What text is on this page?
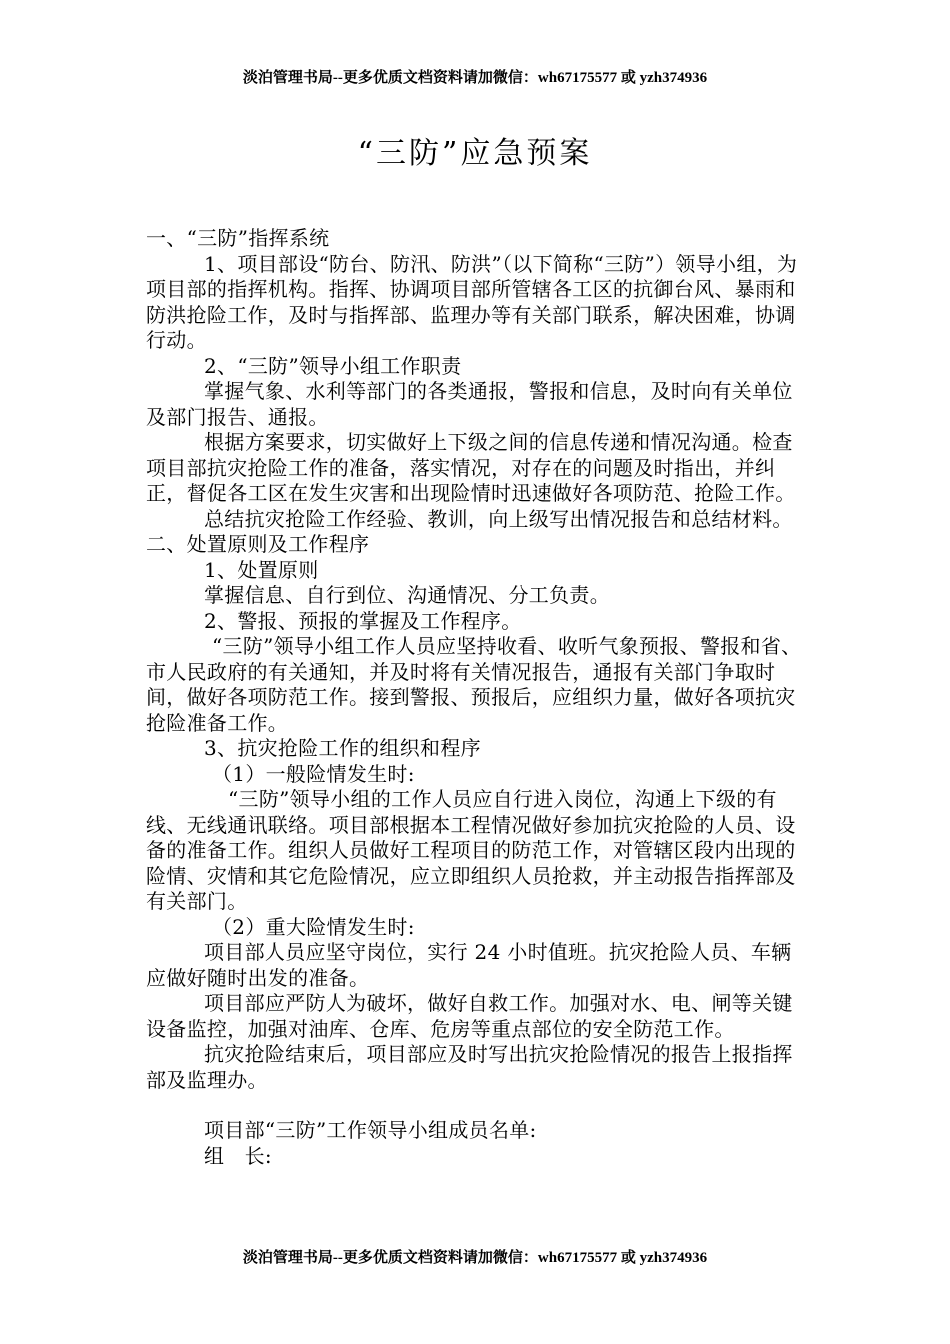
淡泊管理书局--更多优质文档资料请加微信：wh67175577 或 yzh374936
“三防”应急预案

一、“三防”指挥系统

1、项目部设“防台、防汛、防洪”（以下简称“三防”）领导小组，为项目部的指挥机构。指挥、协调项目部所管辖各工区的抗御台风、暴雨和防洪抢险工作，及时与指挥部、监理办等有关部门联系，解决困难，协调行动。

2、“三防”领导小组工作职责

掌握气象、水利等部门的各类通报，警报和信息，及时向有关单位及部门报告、通报。

根据方案要求，切实做好上下级之间的信息传递和情况沟通。检查项目部抗灾抢险工作的准备，落实情况，对存在的问题及时指出，并纠正，督促各工区在发生灾害和出现险情时迅速做好各项防范、抢险工作。

总结抗灾抢险工作经验、教训，向上级写出情况报告和总结材料。

二、处置原则及工作程序

1、处置原则

掌握信息、自行到位、沟通情况、分工负责。

2、警报、预报的掌握及工作程序。

“三防”领导小组工作人员应坚持收看、收听气象预报、警报和省、市人民政府的有关通知，并及时将有关情况报告，通报有关部门争取时间，做好各项防范工作。接到警报、预报后，应组织力量，做好各项抗灾抢险准备工作。

3、抗灾抢险工作的组织和程序

（1）一般险情发生时:

“三防”领导小组的工作人员应自行进入岗位，沟通上下级的有线、无线通讯联络。项目部根据本工程情况做好参加抗灾抢险的人员、设备的准备工作。组织人员做好工程项目的防范工作，对管辖区段内出现的险情、灾情和其它危险情况，应立即组织人员抢救，并主动报告指挥部及有关部门。

（2）重大险情发生时:

项目部人员应坚守岗位，实行 24 小时值班。抗灾抢险人员、车辆应做好随时出发的准备。

项目部应严防人为破坏，做好自救工作。加强对水、电、闸等关键设备监控，加强对油库、仓库、危房等重点部位的安全防范工作。

抗灾抢险结束后，项目部应及时写出抗灾抢险情况的报告上报指挥部及监理办。

项目部“三防”工作领导小组成员名单:

组　长:

淡泊管理书局--更多优质文档资料请加微信：wh67175577 或 yzh374936
